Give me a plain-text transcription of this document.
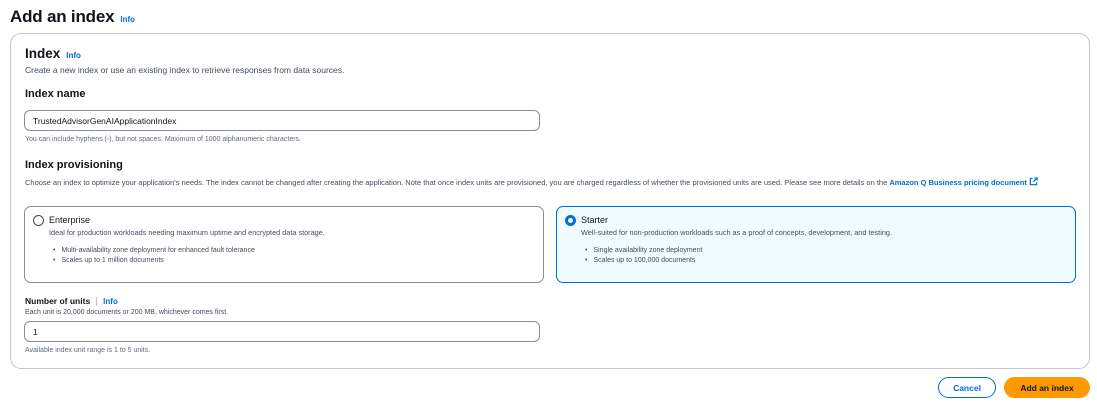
Add an index Info
Index Info
Create a new index or use an existing index to retrieve responses from data sources.
Index name
TrustedAdvisorGenAIApplicationIndex
You can include hyphens (-), but not spaces. Maximum of 1000 alphanumeric characters.
Index provisioning
Choose an index to optimize your application's needs. The index cannot be changed after creating the application. Note that once index units are provisioned, you are charged regardless of whether the provisioned units are used. Please see more details on the Amazon Q Business pricing document
Enterprise
Ideal for production workloads needing maximum uptime and encrypted data storage.
• Multi-availability zone deployment for enhanced fault tolerance
• Scales up to 1 million documents
Starter
Well-suited for non-production workloads such as a proof of concepts, development, and testing.
• Single availability zone deployment
• Scales up to 100,000 documents
Number of units Info
Each unit is 20,000 documents or 200 MB, whichever comes first.
1
Available index unit range is 1 to 5 units.
Cancel	Add an index
